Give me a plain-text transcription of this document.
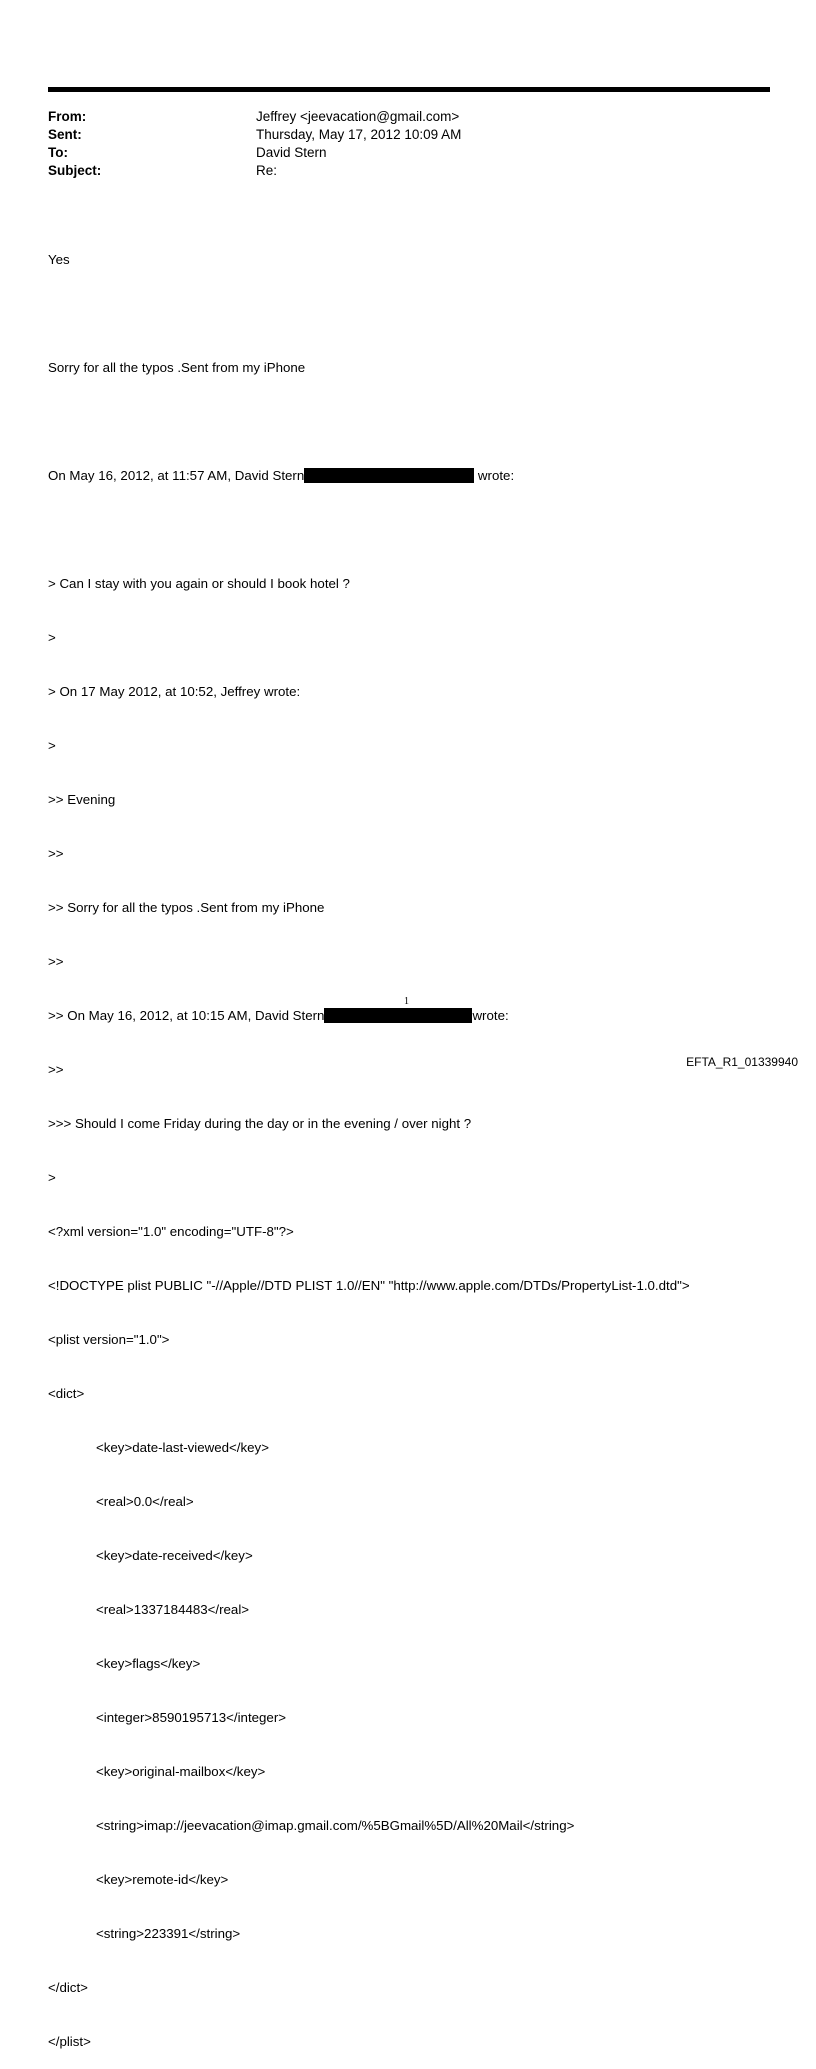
From:	Jeffrey <jeevacation@gmail.com>
Sent:	Thursday, May 17, 2012 10:09 AM
To:	David Stern
Subject:	Re:

Yes

Sorry for all the typos .Sent from my iPhone

On May 16, 2012, at 11:57 AM, David Stern	wrote:

> Can I stay with you again or should I book hotel ?

>

> On 17 May 2012, at 10:52, Jeffrey wrote:

>

>> Evening

>>

>> Sorry for all the typos .Sent from my iPhone

>>

>> On May 16, 2012, at 10:15 AM, David Stern	wrote:

>>

>>> Should I come Friday during the day or in the evening / over night ?

>

<?xml version="1.0" encoding="UTF-8"?>

<!DOCTYPE plist PUBLIC "-//Apple//DTD PLIST 1.0//EN" "http://www.apple.com/DTDs/PropertyList-1.0.dtd">

<plist version="1.0">

<dict>

<key>date-last-viewed</key>

<real>0.0</real>

<key>date-received</key>

<real>1337184483</real>

<key>flags</key>

<integer>8590195713</integer>

<key>original-mailbox</key>

<string>imap://jeevacation@imap.gmail.com/%5BGmail%5D/All%20Mail</string>

<key>remote-id</key>

<string>223391</string>

</dict>

</plist>

1
EFTA_R1_01339940
